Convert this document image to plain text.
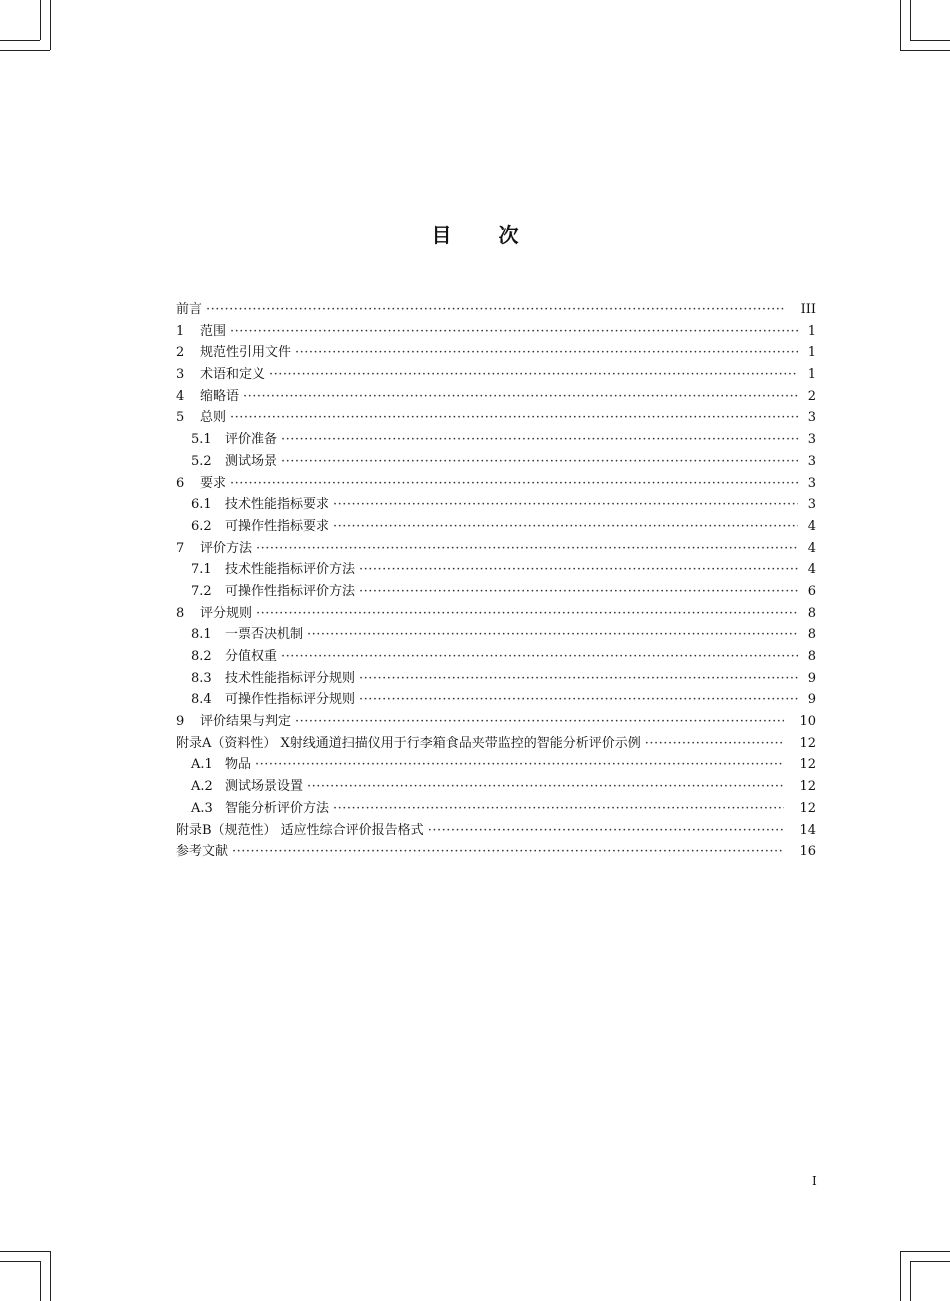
目 次
前言 ·····	III
1	范围 ·····	1
2	规范性引用文件 ·····	1
3	术语和定义 ·····	1
4	缩略语 ·····	2
5	总则 ·····	3
5.1	评价准备 ·····	3
5.2	测试场景 ·····	3
6	要求 ·····	3
6.1	技术性能指标要求 ·····	3
6.2	可操作性指标要求 ·····	4
7	评价方法 ·····	4
7.1	技术性能指标评价方法 ·····	4
7.2	可操作性指标评价方法 ·····	6
8	评分规则 ·····	8
8.1	一票否决机制 ·····	8
8.2	分值权重 ·····	8
8.3	技术性能指标评分规则 ·····	9
8.4	可操作性指标评分规则 ·····	9
9	评价结果与判定 ·····	10
附录A（资料性） X射线通道扫描仪用于行李箱食品夹带监控的智能分析评价示例 ·····	12
A.1 物品 ·····	12
A.2 测试场景设置 ·····	12
A.3 智能分析评价方法 ·····	12
附录B（规范性） 适应性综合评价报告格式 ·····	14
参考文献 ·····	16
I
